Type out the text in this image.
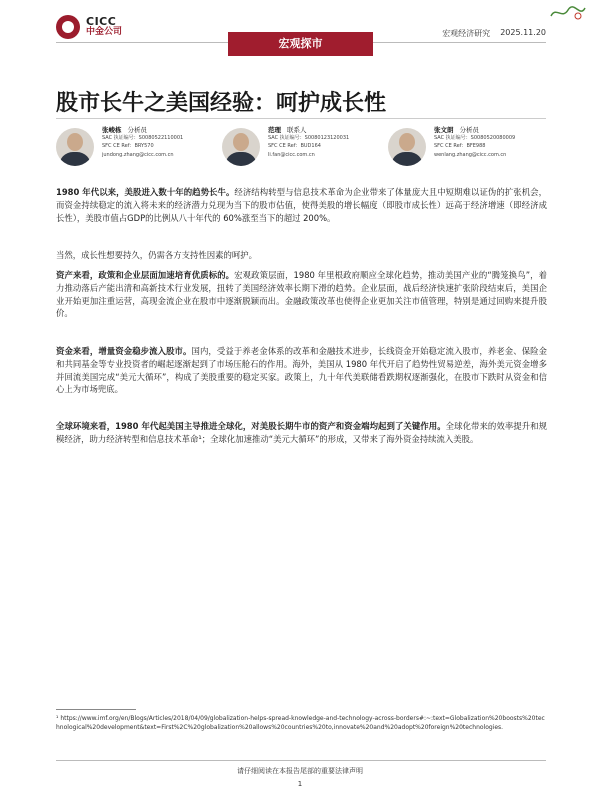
CICC
中金公司	宏观经济研究 2025.11.20
宏观探市
股市长牛之美国经验：呵护成长性
张峻栋 分析员
SAC 执证编号：S0080522110001
SFC CE Ref：BRY570
jundong.zhang@cicc.com.cn
范理 联系人
SAC 执证编号：S0080123120031
SFC CE Ref：BUD164
li.fan@cicc.com.cn
张文朗 分析员
SAC 执证编号：S0080520080009
SFC CE Ref：BFE988
wenlang.zhang@cicc.com.cn
1980 年代以来，美股进入数十年的趋势长牛。经济结构转型与信息技术革命为企业带来了体量庞大且中短期难以证伪的扩张机会，而资金持续稳定的流入将未来的经济潜力兑现为当下的股市估值，使得美股的增长幅度（即股市成长性）远高于经济增速（即经济成长性），美股市值占GDP的比例从八十年代的 60%涨至当下的超过 200%。
当然，成长性想要持久，仍需各方支持性因素的呵护。
资产来看，政策和企业层面加速培育优质标的。宏观政策层面，1980 年里根政府顺应全球化趋势，推动美国产业的“腾笼换鸟”，着力推动落后产能出清和高新技术行业发展，扭转了美国经济效率长期下滑的趋势。企业层面，战后经济快速扩张阶段结束后，美国企业开始更加注重运营，高现金流企业在股市中逐渐脱颖而出。金融政策改革也使得企业更加关注市值管理，特别是通过回购来提升股价。
资金来看，增量资金稳步流入股市。国内，受益于养老金体系的改革和金融技术进步，长线资金开始稳定流入股市，养老金、保险金和共同基金等专业投资者的崛起逐渐起到了市场压舱石的作用。海外，美国从 1980 年代开启了趋势性贸易逆差，海外美元资金增多并回流美国完成“美元大循环”，构成了美股重要的稳定买家。政策上，九十年代美联储看跌期权逐渐强化，在股市下跌时从资金和信心上为市场兜底。
全球环境来看，1980 年代起美国主导推进全球化，对美股长期牛市的资产和资金端均起到了关键作用。全球化带来的效率提升和规模经济，助力经济转型和信息技术革命¹；全球化加速推动“美元大循环”的形成，又带来了海外资金持续流入美股。
¹ https://www.imf.org/en/Blogs/Articles/2018/04/09/globalization-helps-spread-knowledge-and-technology-across-borders#:~:text=Globalization%20boosts%20technological%20development&text=First%2C%20globalization%20allows%20countries%20to,innovate%20and%20adopt%20foreign%20technologies.
请仔细阅读在本报告尾部的重要法律声明
1
